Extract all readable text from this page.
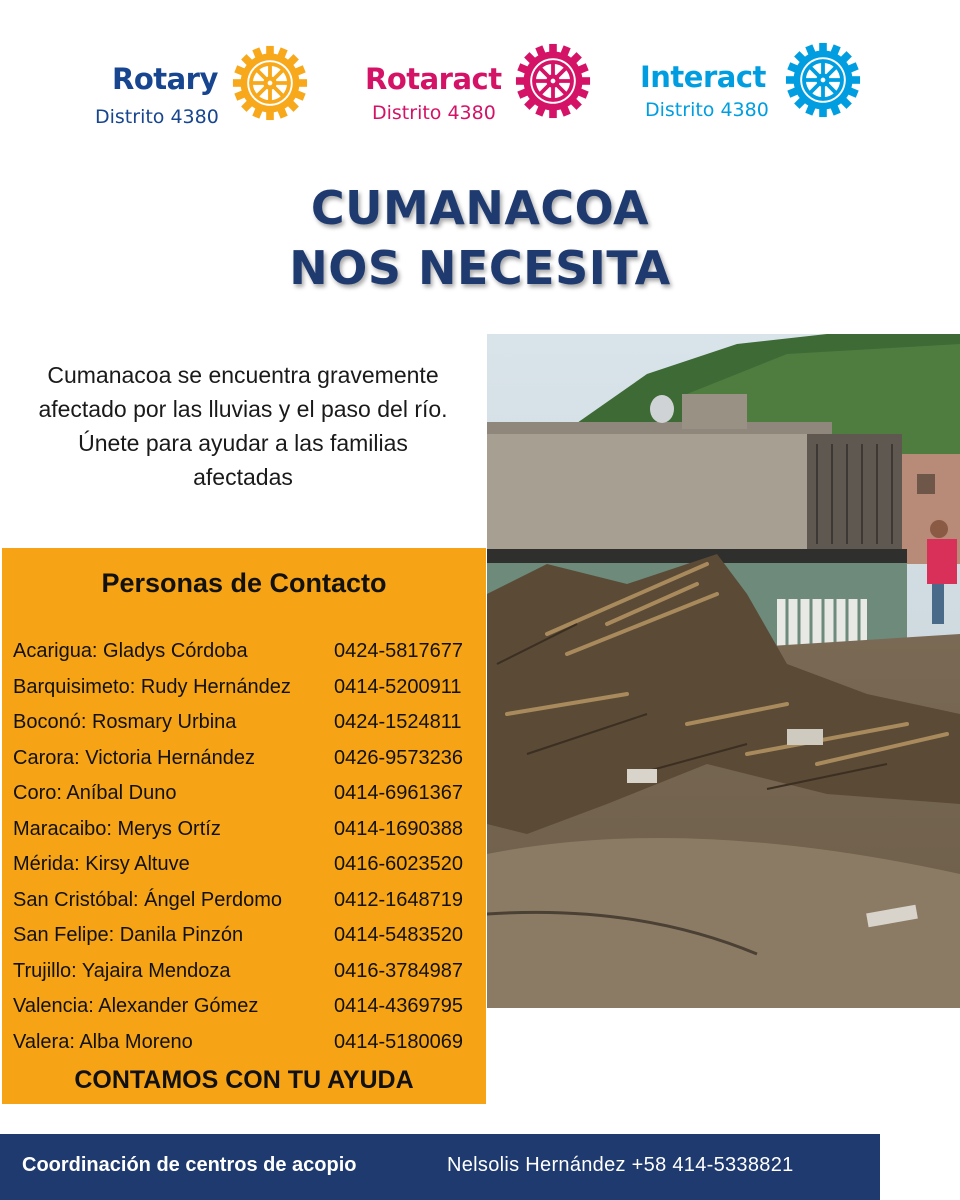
Rotary
Distrito 4380
Rotaract
Distrito 4380
Interact
Distrito 4380
CUMANACOA
NOS NECESITA
Cumanacoa se encuentra gravemente
afectado por las lluvias y el paso del río.
Únete para ayudar a las familias
afectadas
Personas de Contacto
Acarigua: Gladys Córdoba	0424-5817677
Barquisimeto: Rudy Hernández 0414-5200911
Boconó: Rosmary Urbina	0424-1524811
Carora: Victoria Hernández	0426-9573236
Coro: Aníbal Duno	0414-6961367
Maracaibo: Merys Ortíz	0414-1690388
Mérida: Kirsy Altuve	0416-6023520
San Cristóbal: Ángel Perdomo	0412-1648719
San Felipe: Danila Pinzón	0414-5483520
Trujillo: Yajaira Mendoza	0416-3784987
Valencia: Alexander Gómez	0414-4369795
Valera: Alba Moreno	0414-5180069
CONTAMOS CON TU AYUDA
Coordinación de centros de acopio	Nelsolis Hernández +58 414-5338821
